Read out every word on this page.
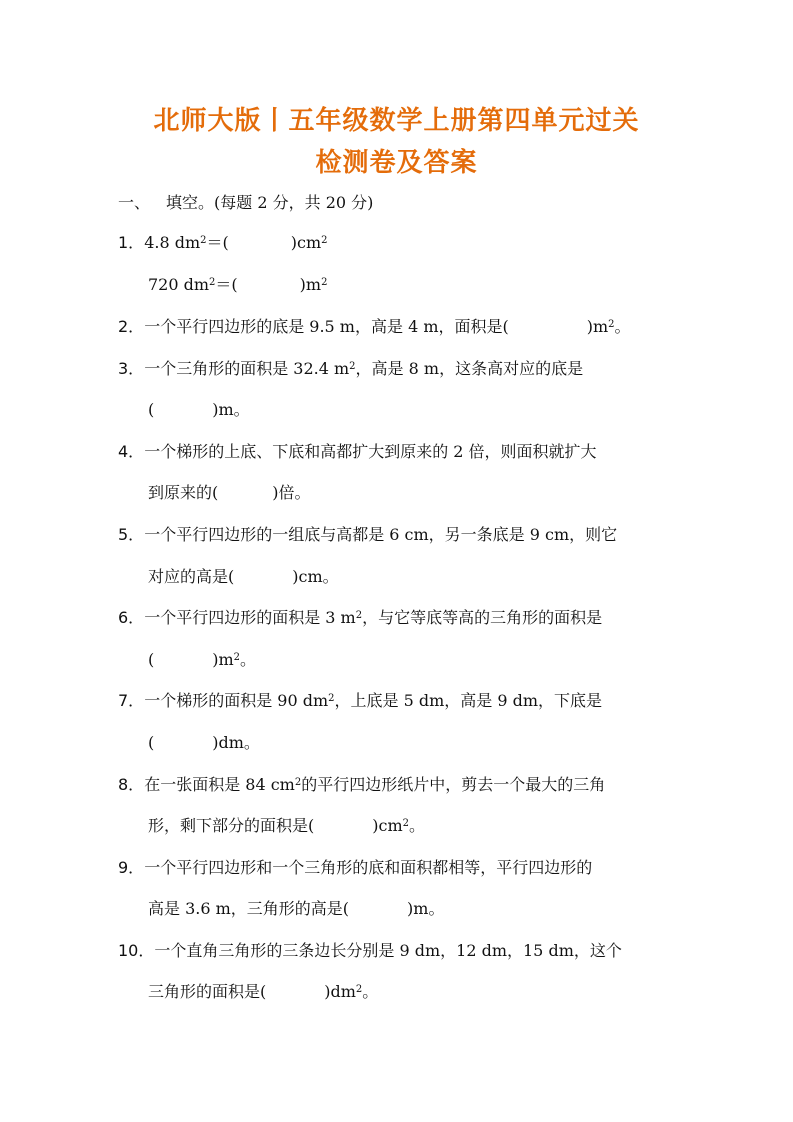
北师大版丨五年级数学上册第四单元过关
检测卷及答案
一、 填空。(每题 2 分，共 20 分)
1．4.8 $dm^2=$(	)$cm^2$
720 $dm^2=$(	)$m^2$
2．一个平行四边形的底是 9.5 m，高是 4 m，面积是(	)$m^2$。
3．一个三角形的面积是 32.4 $m^2$，高是 8 m，这条高对应的底是
(	)m。
4．一个梯形的上底、下底和高都扩大到原来的 2 倍，则面积就扩大
到原来的(	)倍。
5．一个平行四边形的一组底与高都是 6 cm，另一条底是 9 cm，则它
对应的高是(	)cm。
6．一个平行四边形的面积是 3 $m^2$，与它等底等高的三角形的面积是
(	)$m^2$。
7．一个梯形的面积是 90 $dm^2$，上底是 5 dm，高是 9 dm，下底是
(	)dm。
8．在一张面积是 84 $cm^2$的平行四边形纸片中，剪去一个最大的三角
形，剩下部分的面积是(	)$cm^2$。
9．一个平行四边形和一个三角形的底和面积都相等，平行四边形的
高是 3.6 m，三角形的高是(	)m。
10．一个直角三角形的三条边长分别是 9 dm，12 dm，15 dm，这个
三角形的面积是(	)$dm^2$。
